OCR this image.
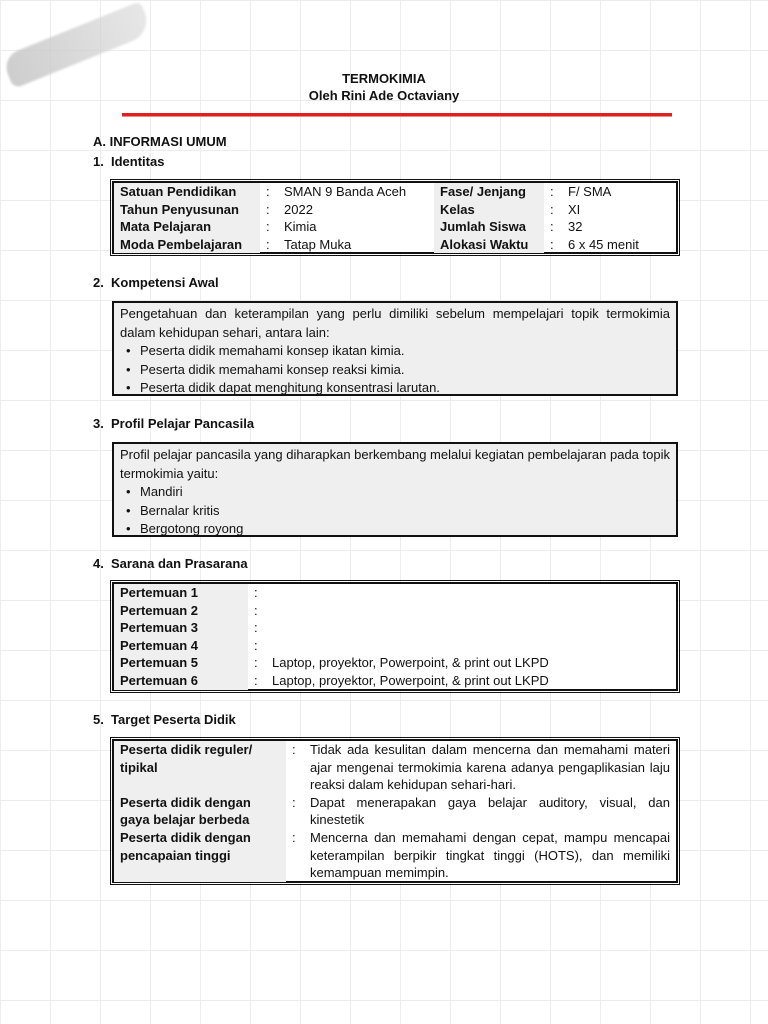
TERMOKIMIA
Oleh Rini Ade Octaviany
A. INFORMASI UMUM
1. Identitas
Satuan Pendidikan	:	SMAN 9 Banda Aceh	Fase/ Jenjang	:	F/ SMA
Tahun Penyusunan	:	2022	Kelas	:	XI
Mata Pelajaran	:	Kimia	Jumlah Siswa	:	32
Moda Pembelajaran	:	Tatap Muka	Alokasi Waktu	:	6 x 45 menit
2. Kompetensi Awal
Pengetahuan dan keterampilan yang perlu dimiliki sebelum mempelajari topik termokimia dalam kehidupan sehari, antara lain:
• Peserta didik memahami konsep ikatan kimia.
• Peserta didik memahami konsep reaksi kimia.
• Peserta didik dapat menghitung konsentrasi larutan.
3. Profil Pelajar Pancasila
Profil pelajar pancasila yang diharapkan berkembang melalui kegiatan pembelajaran pada topik termokimia yaitu:
• Mandiri
• Bernalar kritis
• Bergotong royong
4. Sarana dan Prasarana
Pertemuan 1	:	
Pertemuan 2	:	
Pertemuan 3	:	
Pertemuan 4	:	
Pertemuan 5	:	Laptop, proyektor, Powerpoint, & print out LKPD
Pertemuan 6	:	Laptop, proyektor, Powerpoint, & print out LKPD
5. Target Peserta Didik
Peserta didik reguler/ tipikal	:	Tidak ada kesulitan dalam mencerna dan memahami materi ajar mengenai termokimia karena adanya pengaplikasian laju reaksi dalam kehidupan sehari-hari.
Peserta didik dengan gaya belajar berbeda	:	Dapat menerapakan gaya belajar auditory, visual, dan kinestetik
Peserta didik dengan pencapaian tinggi	:	Mencerna dan memahami dengan cepat, mampu mencapai keterampilan berpikir tingkat tinggi (HOTS), dan memiliki kemampuan memimpin.
